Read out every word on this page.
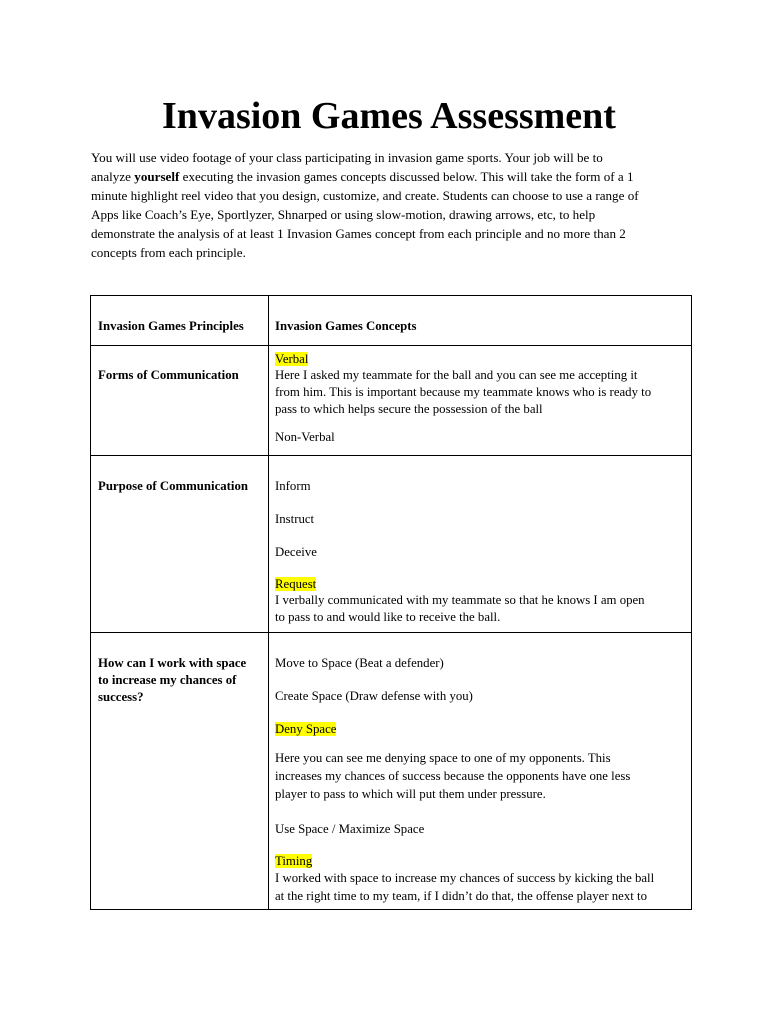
Invasion Games Assessment

You will use video footage of your class participating in invasion game sports. Your job will be to
analyze yourself executing the invasion games concepts discussed below. This will take the form of a 1
minute highlight reel video that you design, customize, and create. Students can choose to use a range of
Apps like Coach’s Eye, Sportlyzer, Shnarped or using slow-motion, drawing arrows, etc, to help
demonstrate the analysis of at least 1 Invasion Games concept from each principle and no more than 2
concepts from each principle.

Invasion Games Principles	Invasion Games Concepts
Forms of Communication
Verbal
Here I asked my teammate for the ball and you can see me accepting it
from him. This is important because my teammate knows who is ready to
pass to which helps secure the possession of the ball
Non-Verbal
Purpose of Communication	Inform
Instruct
Deceive
Request
I verbally communicated with my teammate so that he knows I am open
to pass to and would like to receive the ball.
How can I work with space
to increase my chances of
success?
Move to Space (Beat a defender)
Create Space (Draw defense with you)
Deny Space
Here you can see me denying space to one of my opponents. This
increases my chances of success because the opponents have one less
player to pass to which will put them under pressure.
Use Space / Maximize Space
Timing
I worked with space to increase my chances of success by kicking the ball
at the right time to my team, if I didn’t do that, the offense player next to
